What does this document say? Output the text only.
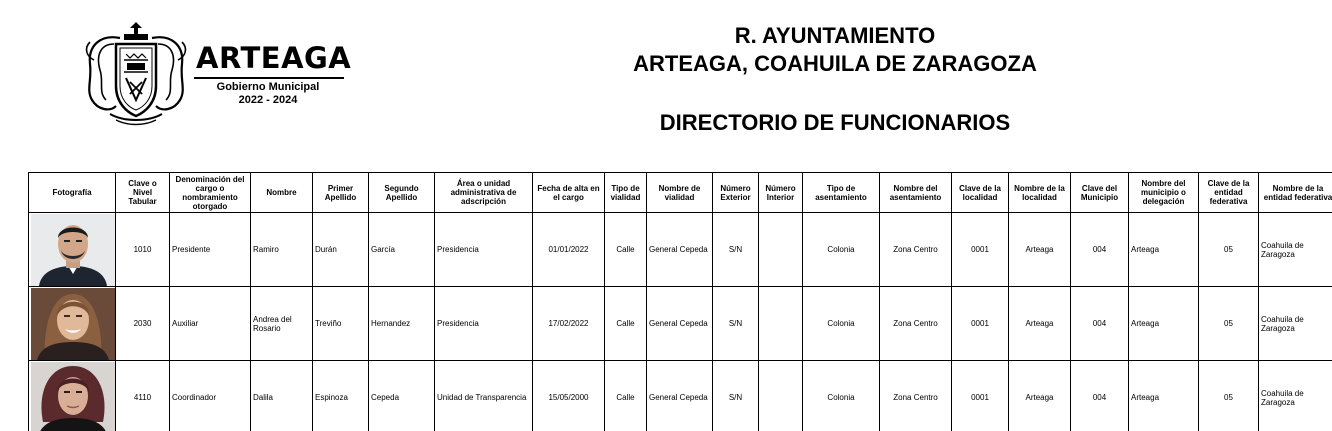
ARTEAGA
Gobierno Municipal
2022 - 2024
R. AYUNTAMIENTO
ARTEAGA, COAHUILA DE ZARAGOZA
DIRECTORIO DE FUNCIONARIOS
Fotografía	Clave o Nivel Tabular	Denominación del cargo o nombramiento otorgado	Nombre	Primer Apellido	Segundo Apellido	Área o unidad administrativa de adscripción	Fecha de alta en el cargo	Tipo de vialidad	Nombre de vialidad	Número Exterior	Número Interior	Tipo de asentamiento	Nombre del asentamiento	Clave de la localidad	Nombre de la localidad	Clave del Municipio	Nombre del municipio o delegación	Clave de la entidad federativa	Nombre de la entidad federativa

	1010	Presidente	Ramiro	Durán	García	Presidencia	01/01/2022	Calle	General Cepeda	S/N		Colonia	Zona Centro	0001	Arteaga	004	Arteaga	05	Coahuila de Zaragoza

	2030	Auxiliar	Andrea del Rosario	Treviño	Hernandez	Presidencia	17/02/2022	Calle	General Cepeda	S/N		Colonia	Zona Centro	0001	Arteaga	004	Arteaga	05	Coahuila de Zaragoza

	4110	Coordinador	Dalila	Espinoza	Cepeda	Unidad de Transparencia	15/05/2000	Calle	General Cepeda	S/N		Colonia	Zona Centro	0001	Arteaga	004	Arteaga	05	Coahuila de Zaragoza
